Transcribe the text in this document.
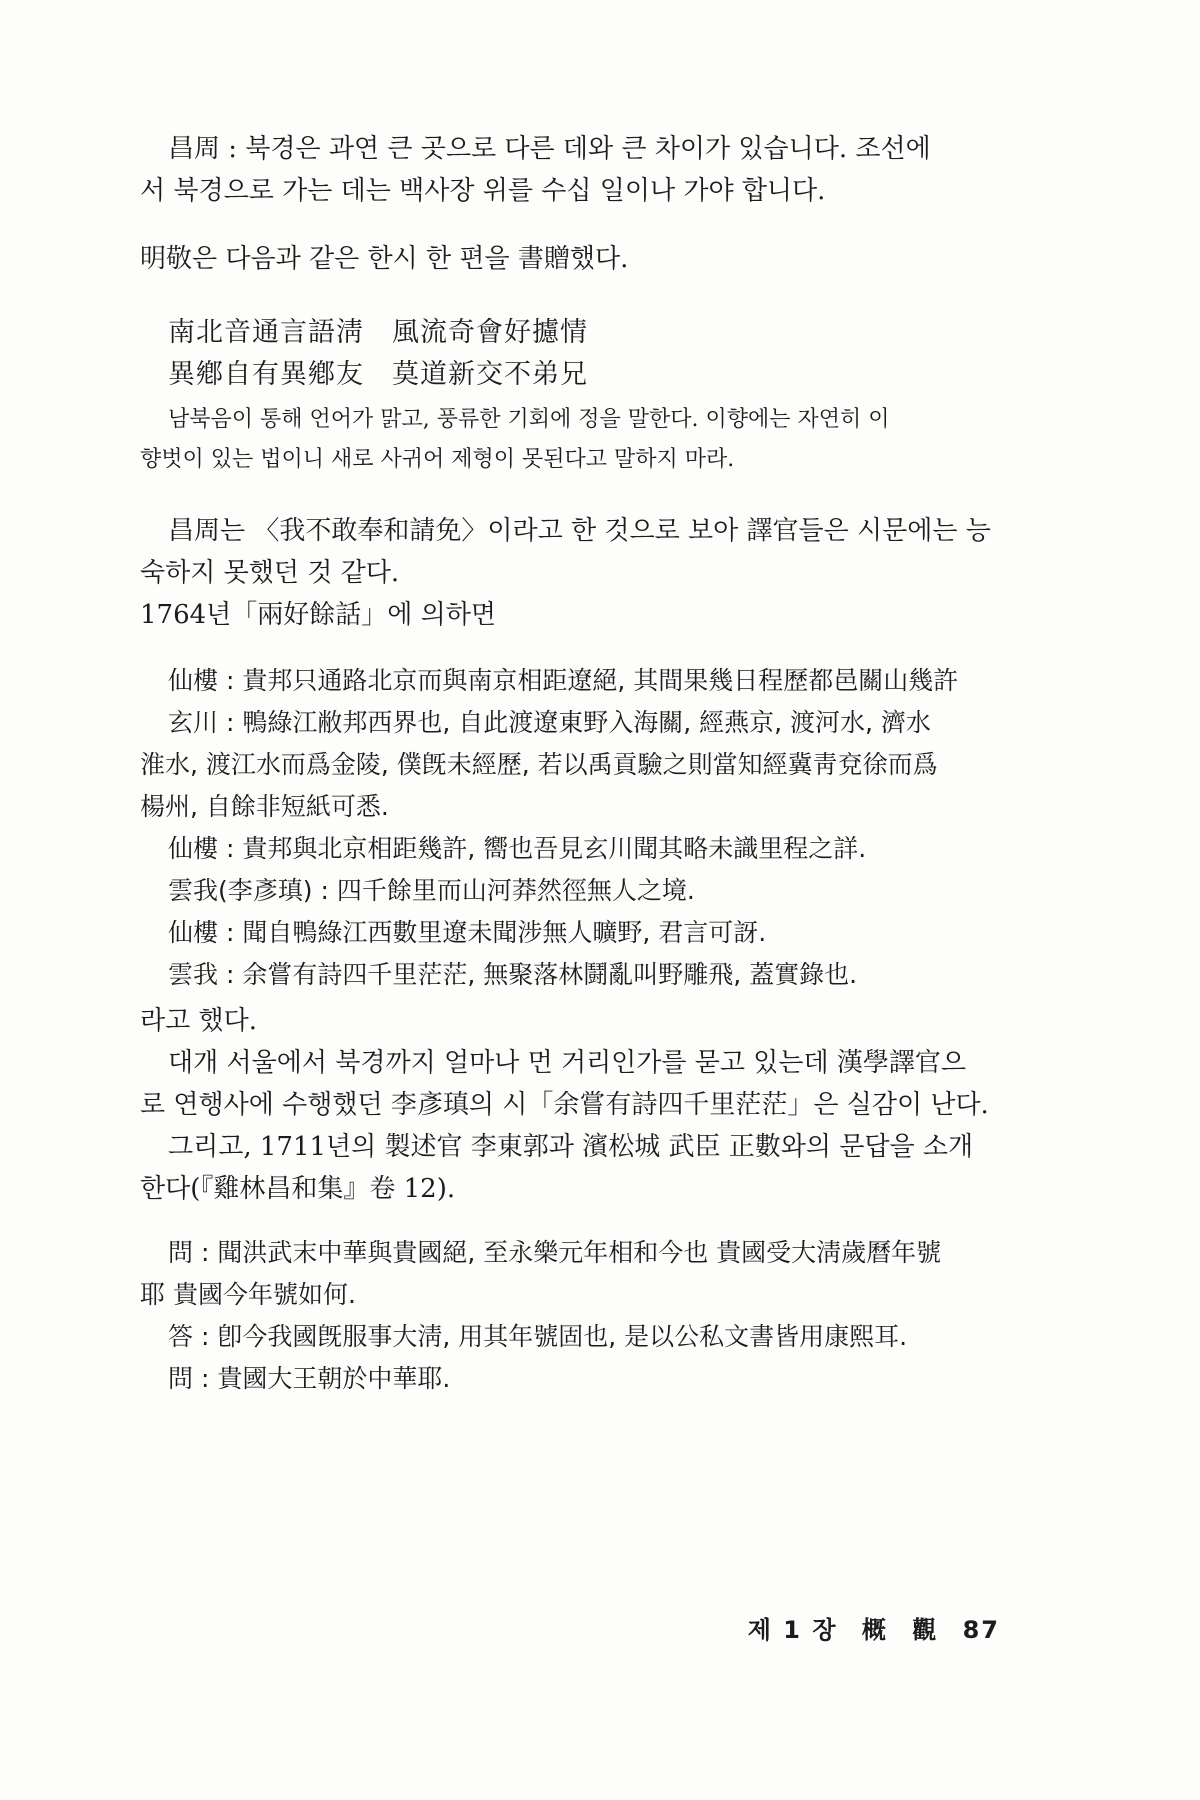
昌周 : 북경은 과연 큰 곳으로 다른 데와 큰 차이가 있습니다. 조선에

서 북경으로 가는 데는 백사장 위를 수십 일이나 가야 합니다.

明敬은 다음과 같은 한시 한 편을 書贈했다.

南北音通言語淸　風流奇會好攄情
異鄕自有異鄕友　莫道新交不弟兄

남북음이 통해 언어가 맑고, 풍류한 기회에 정을 말한다. 이향에는 자연히 이

향벗이 있는 법이니 새로 사귀어 제형이 못된다고 말하지 마라.

昌周는 〈我不敢奉和請免〉이라고 한 것으로 보아 譯官들은 시문에는 능

숙하지 못했던 것 같다.

1764년「兩好餘話」에 의하면

仙樓 : 貴邦只通路北京而與南京相距遼絕, 其間果幾日程歷都邑關山幾許

玄川 : 鴨綠江敝邦西界也, 自此渡遼東野入海關, 經燕京, 渡河水, 濟水

淮水, 渡江水而爲金陵, 僕旣未經歷, 若以禹貢驗之則當知經冀靑兗徐而爲

楊州, 自餘非短紙可悉.

仙樓 : 貴邦與北京相距幾許, 嚮也吾見玄川聞其略未識里程之詳.

雲我(李彥瑱) : 四千餘里而山河莽然徑無人之境.

仙樓 : 聞自鴨綠江西數里遼未聞涉無人曠野, 君言可訝.

雲我 : 余嘗有詩四千里茫茫, 無聚落林鬪亂叫野雕飛, 蓋實錄也.

라고 했다.

대개 서울에서 북경까지 얼마나 먼 거리인가를 묻고 있는데 漢學譯官으

로 연행사에 수행했던 李彥瑱의 시「余嘗有詩四千里茫茫」은 실감이 난다.

그리고, 1711년의 製述官 李東郭과 濱松城 武臣 正數와의 문답을 소개

한다(『雞林昌和集』卷 12).

問 : 聞洪武末中華與貴國絕, 至永樂元年相和今也 貴國受大淸歲曆年號

耶 貴國今年號如何.

答 : 卽今我國旣服事大淸, 用其年號固也, 是以公私文書皆用康熙耳.

問 : 貴國大王朝於中華耶.

제 1 장 概 觀 87
